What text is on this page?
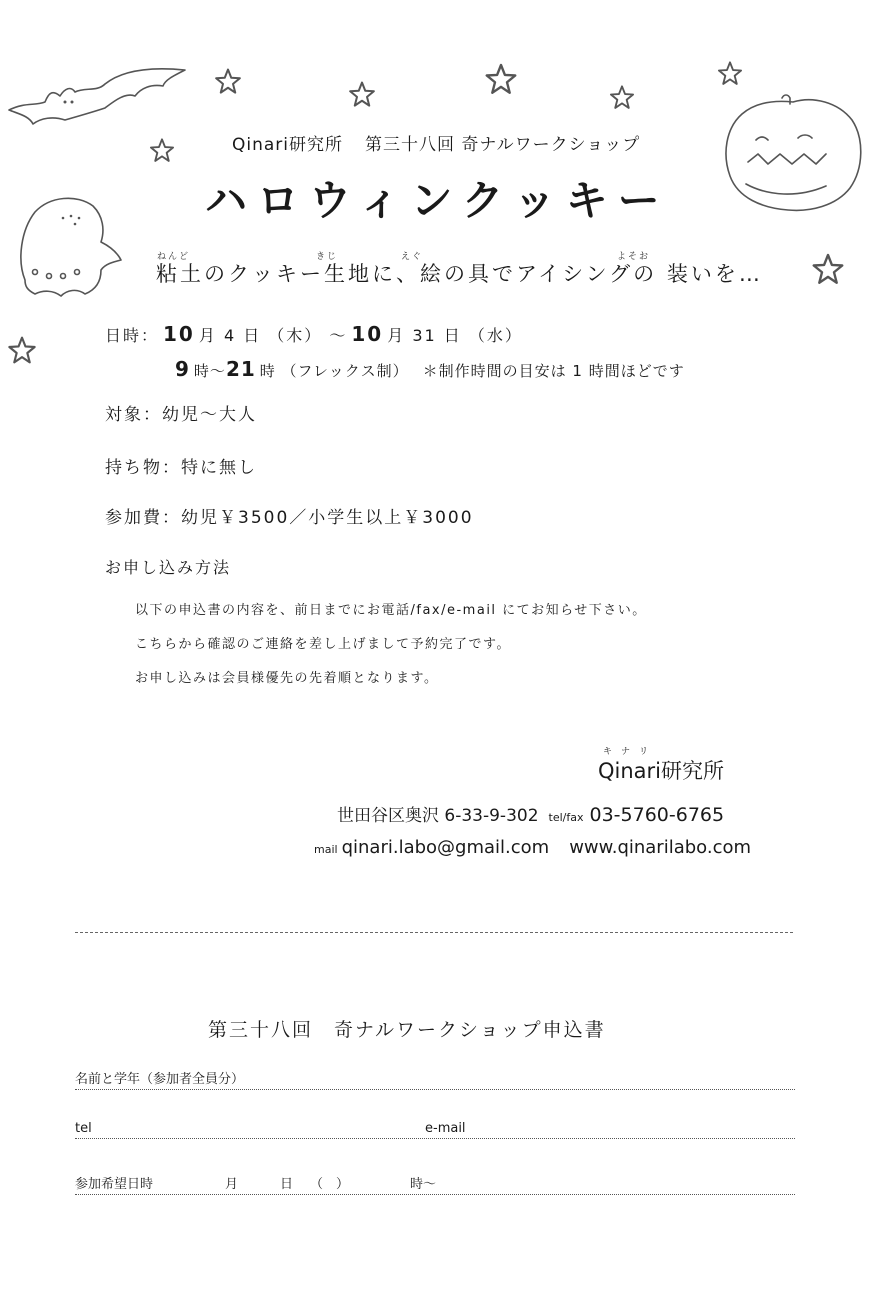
Qinari研究所 第三十八回 奇ナルワークショップ
ハロウィンクッキー
ねんど	きじ	えぐ	よそお
粘土のクッキー生地に、絵の具でアイシングの 装いを…
日時： 10 月 4 日 （木） ～ 10 月 31 日 （水）
9 時～21 時 （フレックス制） ＊制作時間の目安は 1 時間ほどです
対象：幼児～大人
持ち物：特に無し
参加費：幼児￥3500／小学生以上￥3000
お申し込み方法
以下の申込書の内容を、前日までにお電話/fax/e-mail にてお知らせ下さい。
こちらから確認のご連絡を差し上げまして予約完了です。
お申し込みは会員様優先の先着順となります。
キナリ
Qinari研究所
世田谷区奥沢 6-33-9-302 tel/fax 03-5760-6765
mail qinari.labo@gmail.com www.qinarilabo.com
第三十八回　奇ナルワークショップ申込書
名前と学年（参加者全員分）
tel	e-mail
参加希望日時	月	日 （　）	時～
